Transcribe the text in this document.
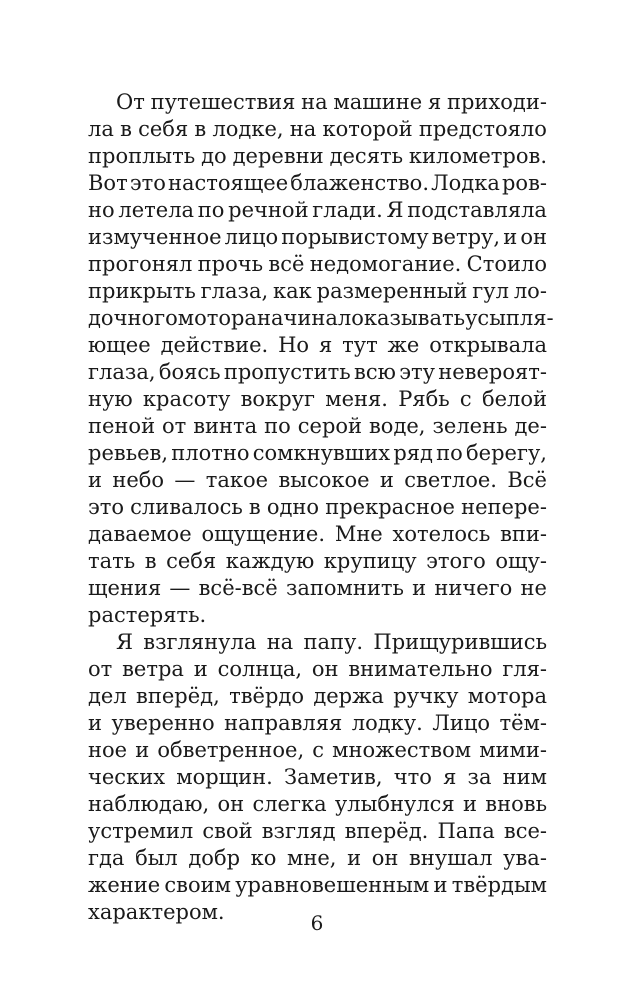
От путешествия на машине я приходи-
ла в себя в лодке, на которой предстояло
проплыть до деревни десять километров.
Вот это настоящее блаженство. Лодка ров-
но летела по речной глади. Я подставляла
измученное лицо порывистому ветру, и он
прогонял прочь всё недомогание. Стоило
прикрыть глаза, как размеренный гул ло-
дочного мотора начинал оказывать усыпля-
ющее действие. Но я тут же открывала
глаза, боясь пропустить всю эту невероят-
ную красоту вокруг меня. Рябь с белой
пеной от винта по серой воде, зелень де-
ревьев, плотно сомкнувших ряд по берегу,
и небо — такое высокое и светлое. Всё
это сливалось в одно прекрасное непере-
даваемое ощущение. Мне хотелось впи-
тать в себя каждую крупицу этого ощу-
щения — всё-всё запомнить и ничего не
растерять.
Я взглянула на папу. Прищурившись
от ветра и солнца, он внимательно гля-
дел вперёд, твёрдо держа ручку мотора
и уверенно направляя лодку. Лицо тём-
ное и обветренное, с множеством мими-
ческих морщин. Заметив, что я за ним
наблюдаю, он слегка улыбнулся и вновь
устремил свой взгляд вперёд. Папа все-
гда был добр ко мне, и он внушал ува-
жение своим уравновешенным и твёрдым
характером.	6
